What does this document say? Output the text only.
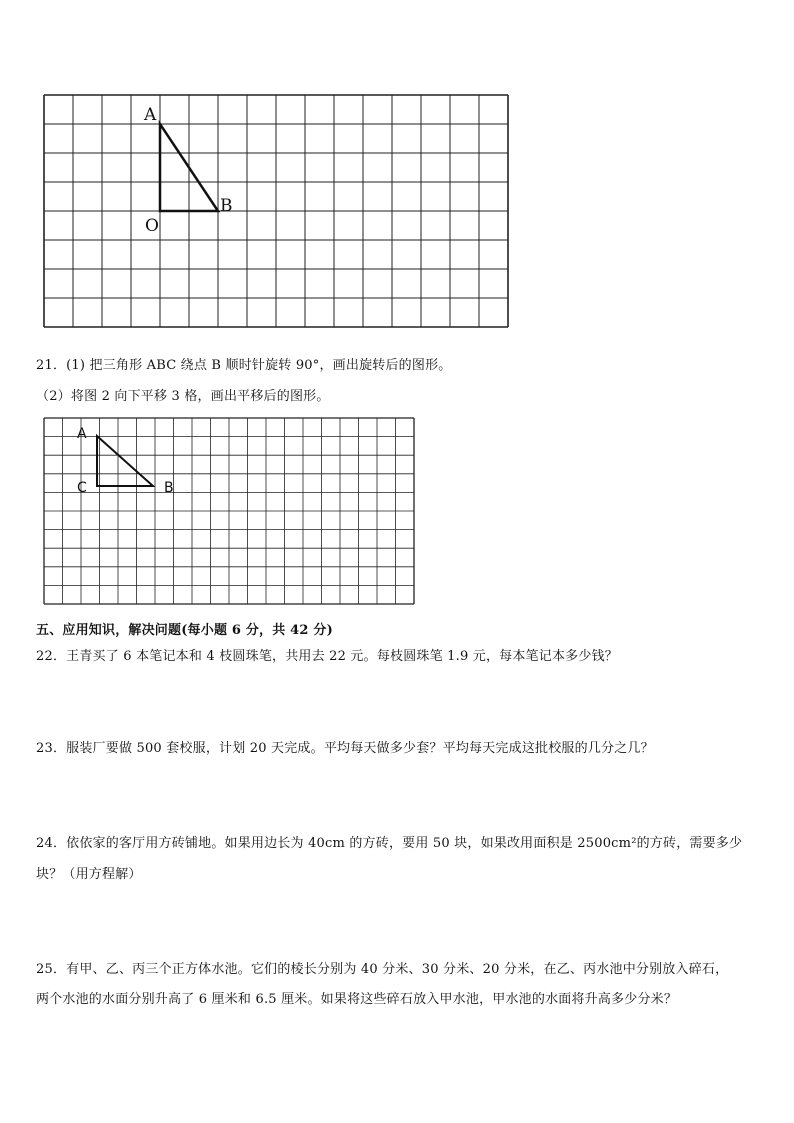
A
B
O
21．(1) 把三角形 ABC 绕点 B 顺时针旋转 90°，画出旋转后的图形。
（2）将图 2 向下平移 3 格，画出平移后的图形。
A
C	B
五、应用知识，解决问题(每小题 6 分，共 42 分)
22．王青买了 6 本笔记本和 4 枝圆珠笔，共用去 22 元。每枝圆珠笔 1.9 元，每本笔记本多少钱？
23．服装厂要做 500 套校服，计划 20 天完成。平均每天做多少套？平均每天完成这批校服的几分之几？
24．依依家的客厅用方砖铺地。如果用边长为 40cm 的方砖，要用 50 块，如果改用面积是 2500cm²的方砖，需要多少
块？（用方程解）
25．有甲、乙、丙三个正方体水池。它们的棱长分别为 40 分米、30 分米、20 分米，在乙、丙水池中分别放入碎石，
两个水池的水面分别升高了 6 厘米和 6.5 厘米。如果将这些碎石放入甲水池，甲水池的水面将升高多少分米？
